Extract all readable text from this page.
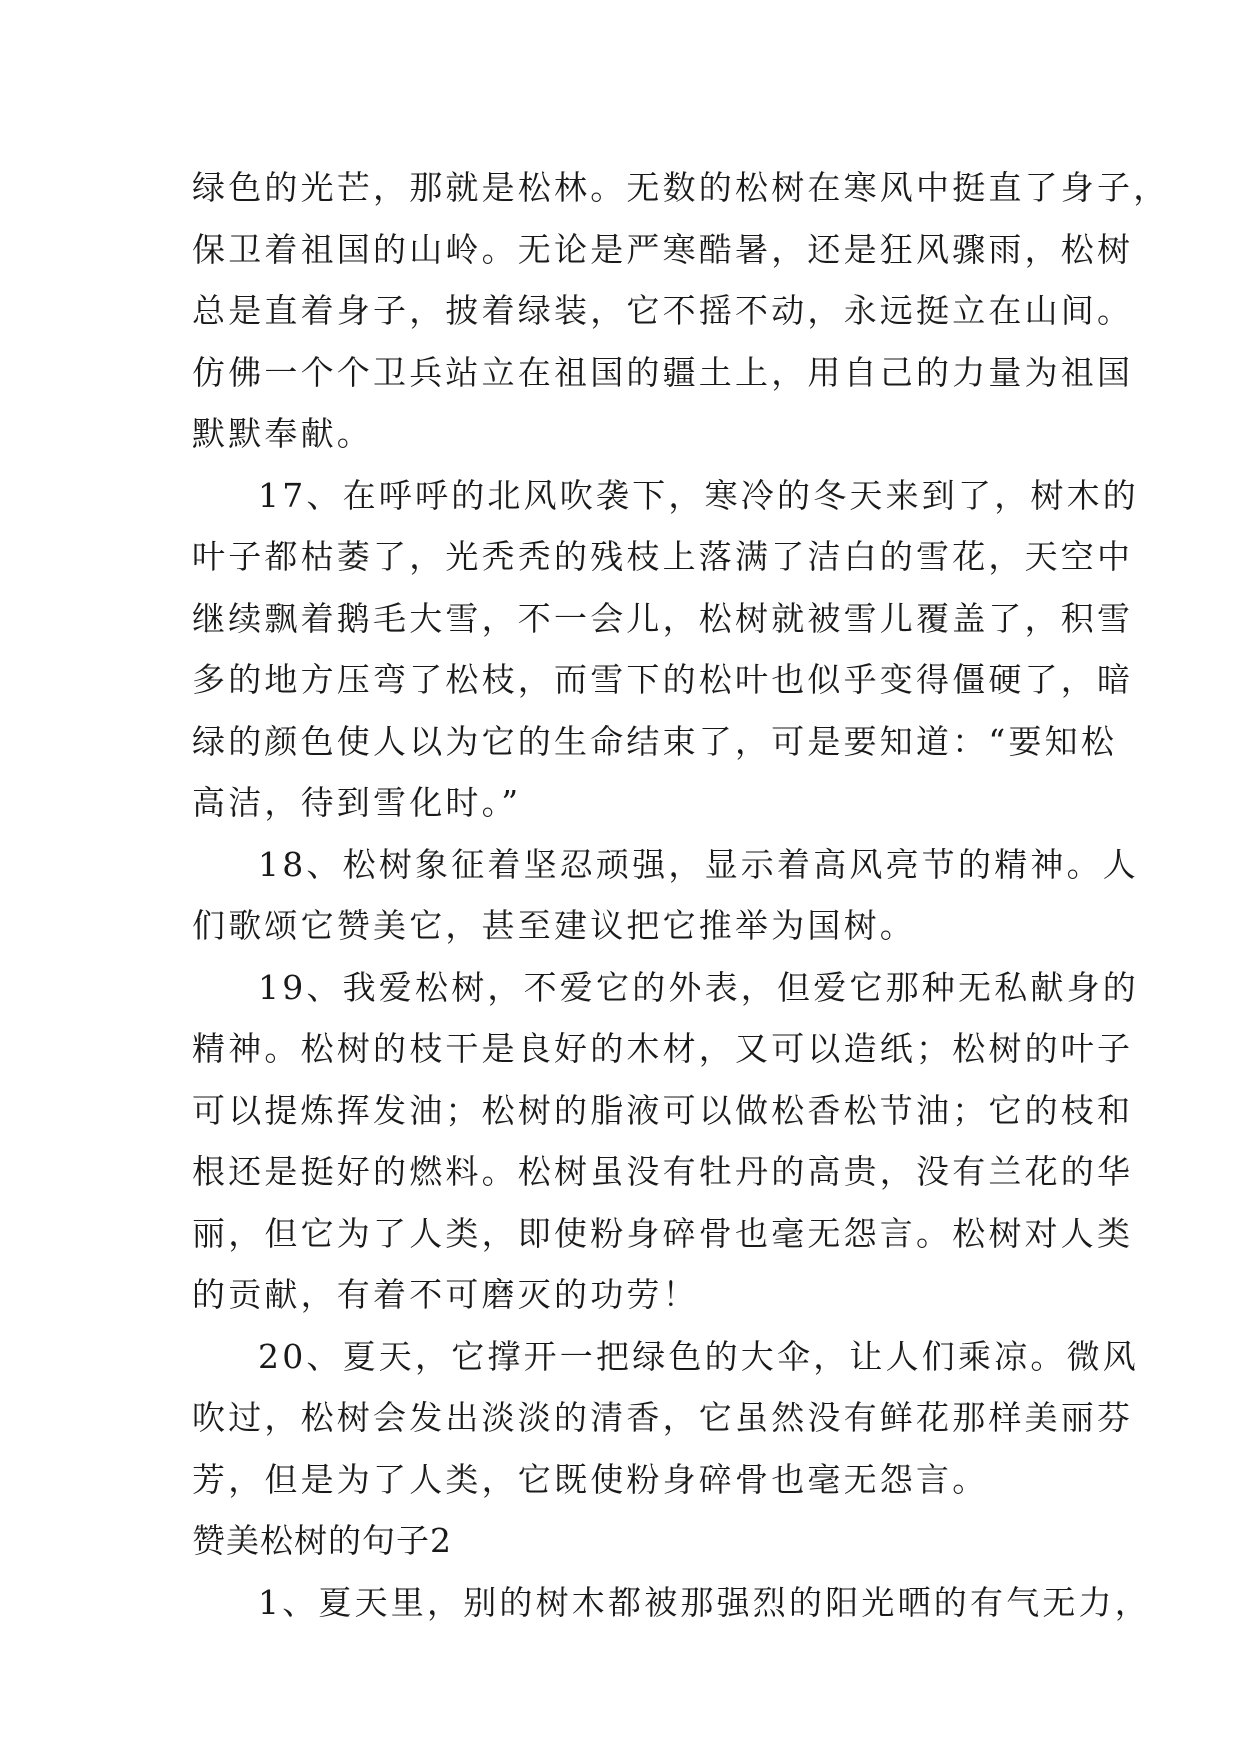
绿色的光芒，那就是松林。无数的松树在寒风中挺直了身子，
保卫着祖国的山岭。无论是严寒酷暑，还是狂风骤雨，松树
总是直着身子，披着绿装，它不摇不动，永远挺立在山间。
仿佛一个个卫兵站立在祖国的疆土上，用自己的力量为祖国
默默奉献。

17、在呼呼的北风吹袭下，寒冷的冬天来到了，树木的
叶子都枯萎了，光秃秃的残枝上落满了洁白的雪花，天空中
继续飘着鹅毛大雪，不一会儿，松树就被雪儿覆盖了，积雪
多的地方压弯了松枝，而雪下的松叶也似乎变得僵硬了，暗
绿的颜色使人以为它的生命结束了，可是要知道：“要知松
高洁，待到雪化时。”

18、松树象征着坚忍顽强，显示着高风亮节的精神。人
们歌颂它赞美它，甚至建议把它推举为国树。

19、我爱松树，不爱它的外表，但爱它那种无私献身的
精神。松树的枝干是良好的木材，又可以造纸；松树的叶子
可以提炼挥发油；松树的脂液可以做松香松节油；它的枝和
根还是挺好的燃料。松树虽没有牡丹的高贵，没有兰花的华
丽，但它为了人类，即使粉身碎骨也毫无怨言。松树对人类
的贡献，有着不可磨灭的功劳！

20、夏天，它撑开一把绿色的大伞，让人们乘凉。微风
吹过，松树会发出淡淡的清香，它虽然没有鲜花那样美丽芬
芳，但是为了人类，它既使粉身碎骨也毫无怨言。

赞美松树的句子2

1、夏天里，别的树木都被那强烈的阳光晒的有气无力，
